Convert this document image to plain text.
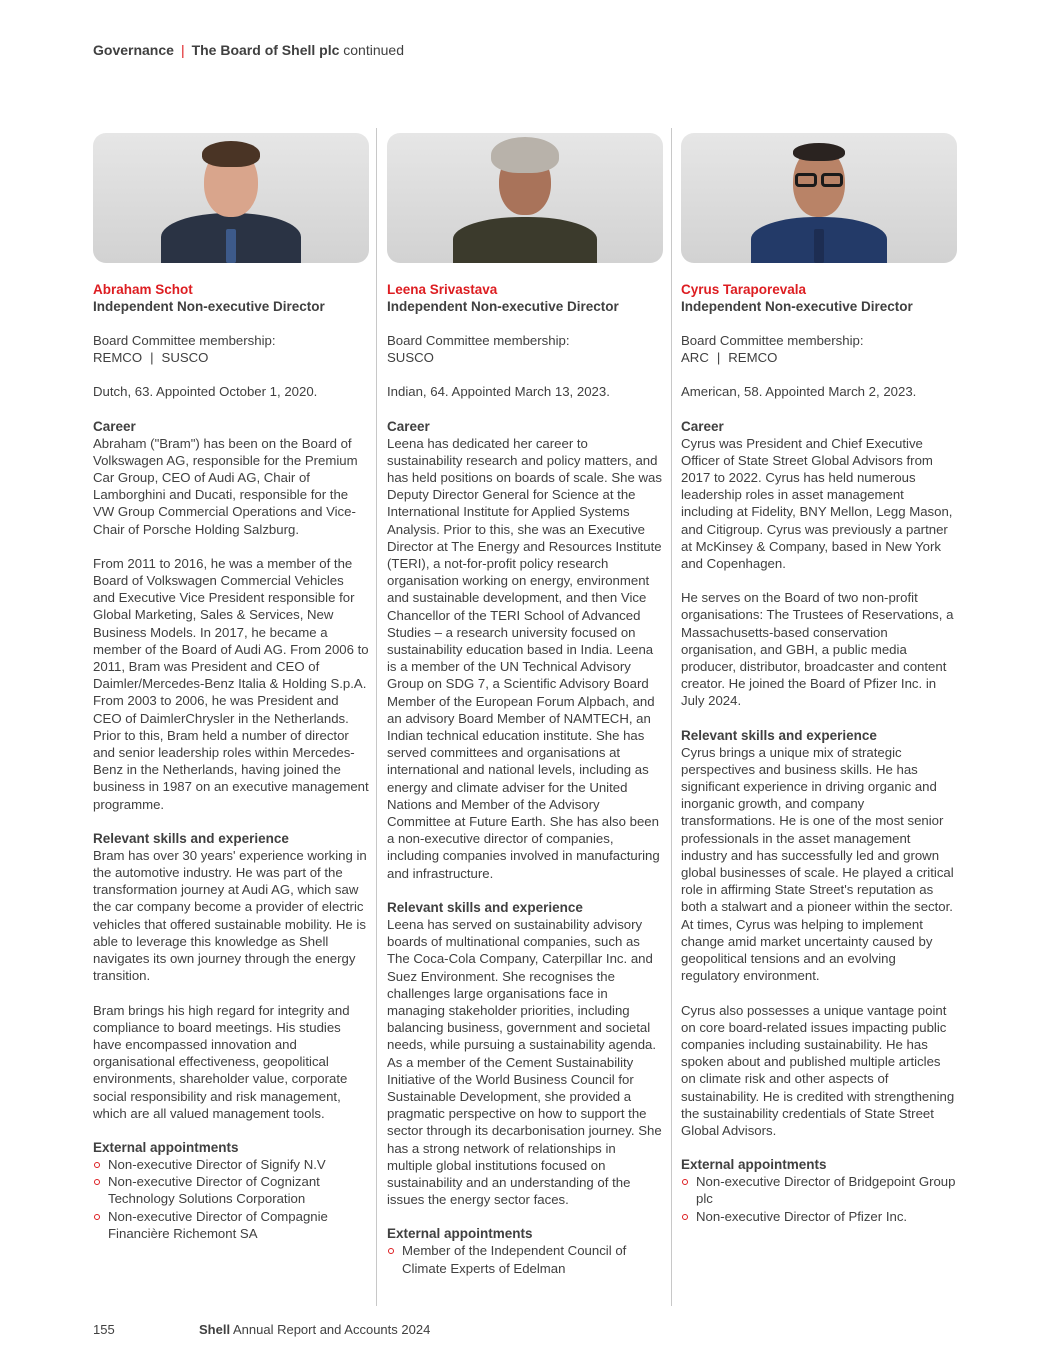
Governance | The Board of Shell plc continued
Abraham Schot
Independent Non-executive Director

Board Committee membership:

REMCO | SUSCO

Dutch, 63. Appointed October 1, 2020.

Career

Abraham ("Bram") has been on the Board of Volkswagen AG, responsible for the Premium Car Group, CEO of Audi AG, Chair of Lamborghini and Ducati, responsible for the VW Group Commercial Operations and Vice-Chair of Porsche Holding Salzburg.

From 2011 to 2016, he was a member of the Board of Volkswagen Commercial Vehicles and Executive Vice President responsible for Global Marketing, Sales & Services, New Business Models. In 2017, he became a member of the Board of Audi AG. From 2006 to 2011, Bram was President and CEO of Daimler/Mercedes-Benz Italia & Holding S.p.A. From 2003 to 2006, he was President and CEO of DaimlerChrysler in the Netherlands. Prior to this, Bram held a number of director and senior leadership roles within Mercedes-Benz in the Netherlands, having joined the business in 1987 on an executive management programme.

Relevant skills and experience

Bram has over 30 years' experience working in the automotive industry. He was part of the transformation journey at Audi AG, which saw the car company become a provider of electric vehicles that offered sustainable mobility. He is able to leverage this knowledge as Shell navigates its own journey through the energy transition.

Bram brings his high regard for integrity and compliance to board meetings. His studies have encompassed innovation and organisational effectiveness, geopolitical environments, shareholder value, corporate social responsibility and risk management, which are all valued management tools.

External appointments
Non-executive Director of Signify N.V
Non-executive Director of Cognizant Technology Solutions Corporation
Non-executive Director of Compagnie Financière Richemont SA
Leena Srivastava
Independent Non-executive Director

Board Committee membership:

SUSCO

Indian, 64. Appointed March 13, 2023.

Career

Leena has dedicated her career to sustainability research and policy matters, and has held positions on boards of scale. She was Deputy Director General for Science at the International Institute for Applied Systems Analysis. Prior to this, she was an Executive Director at The Energy and Resources Institute (TERI), a not-for-profit policy research organisation working on energy, environment and sustainable development, and then Vice Chancellor of the TERI School of Advanced Studies – a research university focused on sustainability education based in India. Leena is a member of the UN Technical Advisory Group on SDG 7, a Scientific Advisory Board Member of the European Forum Alpbach, and an advisory Board Member of NAMTECH, an Indian technical education institute. She has served committees and organisations at international and national levels, including as energy and climate adviser for the United Nations and Member of the Advisory Committee at Future Earth. She has also been a non-executive director of companies, including companies involved in manufacturing and infrastructure.

Relevant skills and experience

Leena has served on sustainability advisory boards of multinational companies, such as The Coca-Cola Company, Caterpillar Inc. and Suez Environment. She recognises the challenges large organisations face in managing stakeholder priorities, including balancing business, government and societal needs, while pursuing a sustainability agenda. As a member of the Cement Sustainability Initiative of the World Business Council for Sustainable Development, she provided a pragmatic perspective on how to support the sector through its decarbonisation journey. She has a strong network of relationships in multiple global institutions focused on sustainability and an understanding of the issues the energy sector faces.

External appointments
Member of the Independent Council of Climate Experts of Edelman
Cyrus Taraporevala
Independent Non-executive Director

Board Committee membership:

ARC | REMCO

American, 58. Appointed March 2, 2023.

Career

Cyrus was President and Chief Executive Officer of State Street Global Advisors from 2017 to 2022. Cyrus has held numerous leadership roles in asset management including at Fidelity, BNY Mellon, Legg Mason, and Citigroup. Cyrus was previously a partner at McKinsey & Company, based in New York and Copenhagen.

He serves on the Board of two non-profit organisations: The Trustees of Reservations, a Massachusetts-based conservation organisation, and GBH, a public media producer, distributor, broadcaster and content creator. He joined the Board of Pfizer Inc. in July 2024.

Relevant skills and experience

Cyrus brings a unique mix of strategic perspectives and business skills. He has significant experience in driving organic and inorganic growth, and company transformations. He is one of the most senior professionals in the asset management industry and has successfully led and grown global businesses of scale. He played a critical role in affirming State Street's reputation as both a stalwart and a pioneer within the sector. At times, Cyrus was helping to implement change amid market uncertainty caused by geopolitical tensions and an evolving regulatory environment.

Cyrus also possesses a unique vantage point on core board-related issues impacting public companies including sustainability. He has spoken about and published multiple articles on climate risk and other aspects of sustainability. He is credited with strengthening the sustainability credentials of State Street Global Advisors.

External appointments
Non-executive Director of Bridgepoint Group plc
Non-executive Director of Pfizer Inc.
155	Shell Annual Report and Accounts 2024
